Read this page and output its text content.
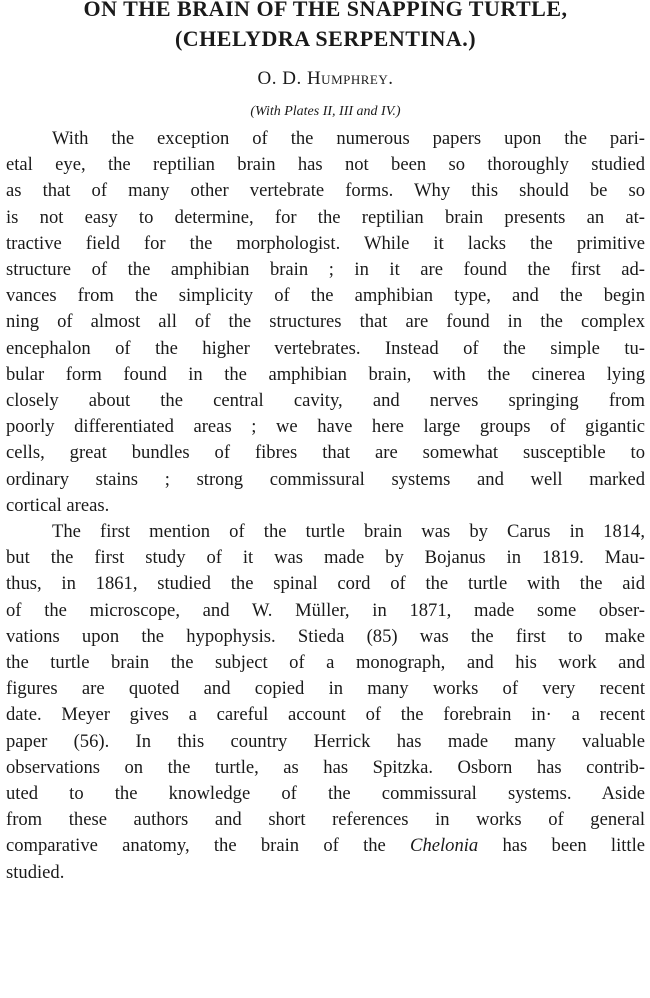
ON THE BRAIN OF THE SNAPPING TURTLE,
(CHELYDRA SERPENTINA.)

O. D. Humphrey.

(With Plates II, III and IV.)

With the exception of the numerous papers upon the pari-
etal eye, the reptilian brain has not been so thoroughly studied
as that of many other vertebrate forms. Why this should be so
is not easy to determine, for the reptilian brain presents an at-
tractive field for the morphologist. While it lacks the primitive
structure of the amphibian brain ; in it are found the first ad-
vances from the simplicity of the amphibian type, and the begin
ning of almost all of the structures that are found in the complex
encephalon of the higher vertebrates. Instead of the simple tu-
bular form found in the amphibian brain, with the cinerea lying
closely about the central cavity, and nerves springing from
poorly differentiated areas ; we have here large groups of gigantic
cells, great bundles of fibres that are somewhat susceptible to
ordinary stains ; strong commissural systems and well marked
cortical areas.

The first mention of the turtle brain was by Carus in 1814,
but the first study of it was made by Bojanus in 1819. Mau-
thus, in 1861, studied the spinal cord of the turtle with the aid
of the microscope, and W. Müller, in 1871, made some obser-
vations upon the hypophysis. Stieda (85) was the first to make
the turtle brain the subject of a monograph, and his work and
figures are quoted and copied in many works of very recent
date. Meyer gives a careful account of the forebrain in· a recent
paper (56). In this country Herrick has made many valuable
observations on the turtle, as has Spitzka. Osborn has contrib-
uted to the knowledge of the commissural systems. Aside
from these authors and short references in works of general
comparative anatomy, the brain of the Chelonia has been little
studied.
